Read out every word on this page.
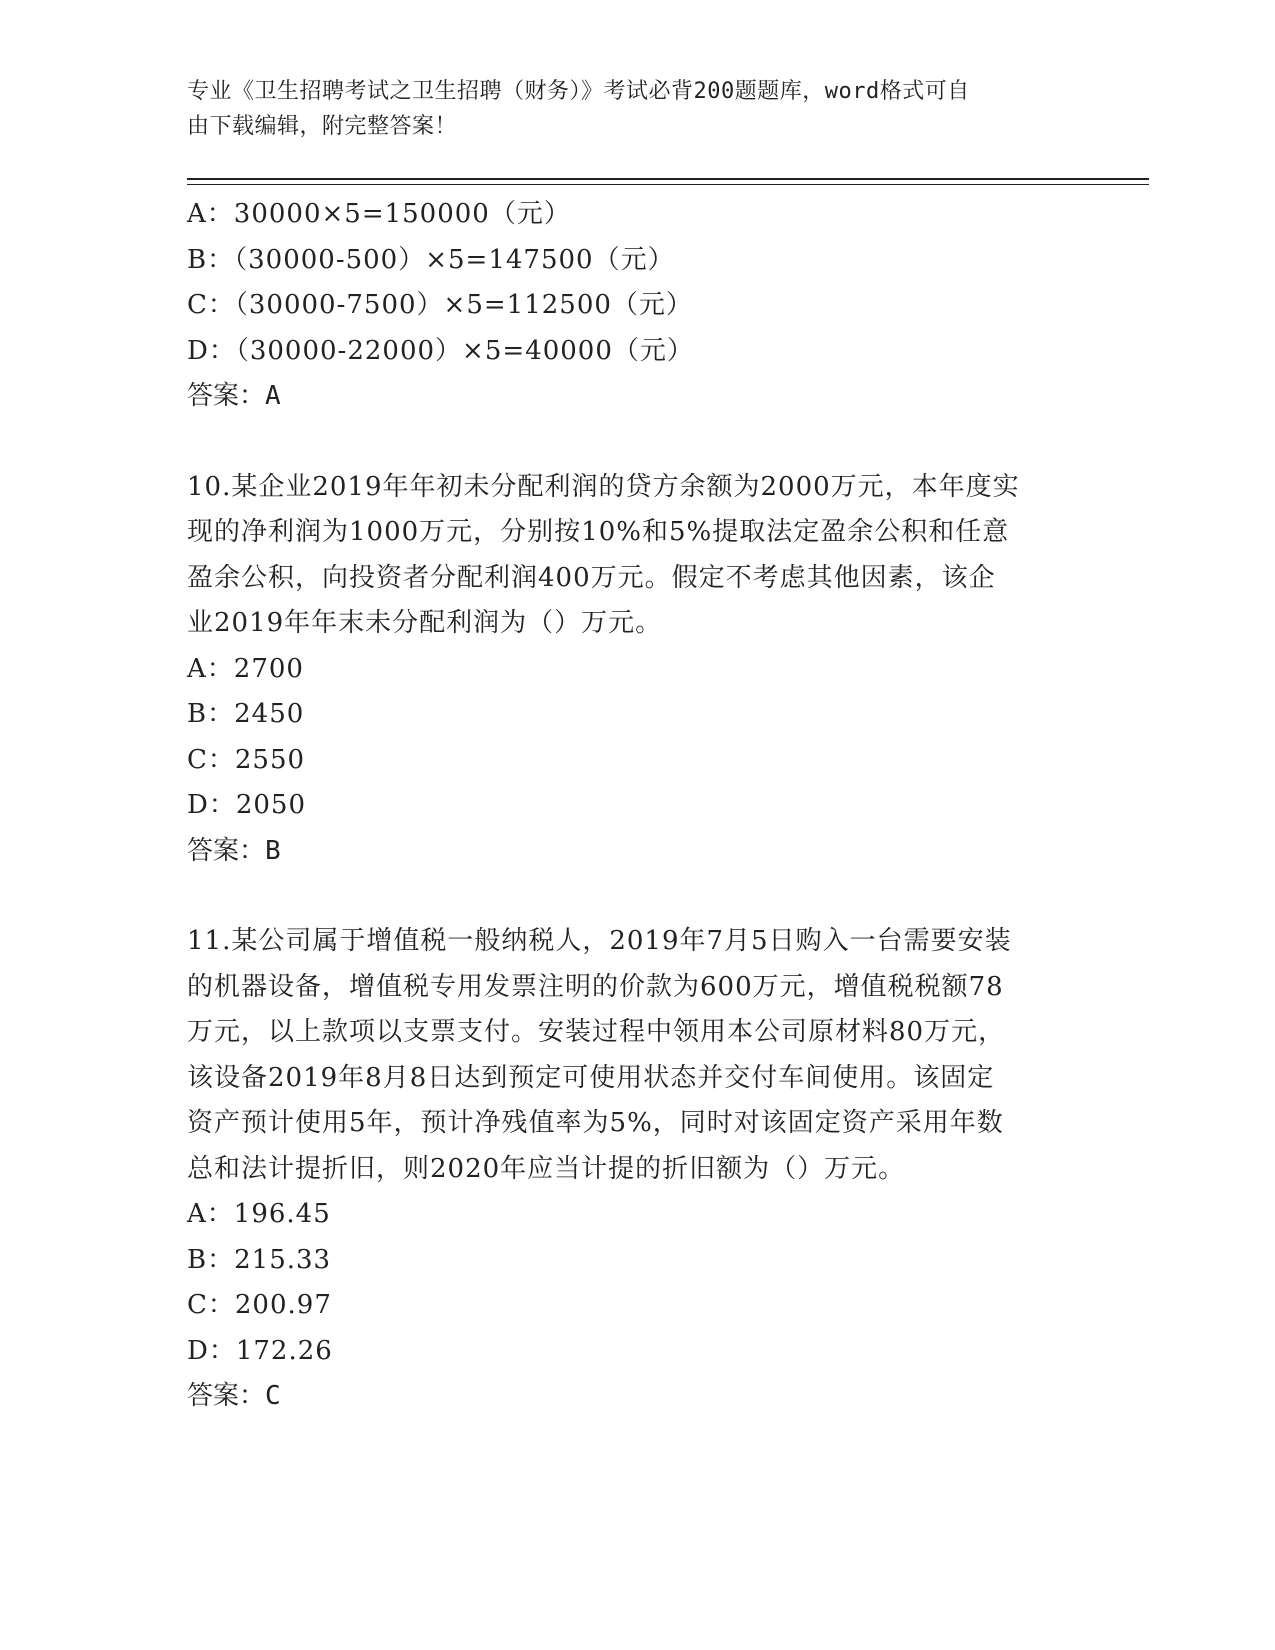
专业《卫生招聘考试之卫生招聘（财务）》考试必背200题题库，word格式可自
由下载编辑，附完整答案！
A：30000×5=150000（元）
B：（30000-500）×5=147500（元）
C：（30000-7500）×5=112500（元）
D：（30000-22000）×5=40000（元）
答案：A
10.某企业2019年年初未分配利润的贷方余额为2000万元，本年度实
现的净利润为1000万元，分别按10%和5%提取法定盈余公积和任意
盈余公积，向投资者分配利润400万元。假定不考虑其他因素，该企
业2019年年末未分配利润为（）万元。
A：2700
B：2450
C：2550
D：2050
答案：B
11.某公司属于增值税一般纳税人，2019年7月5日购入一台需要安装
的机器设备，增值税专用发票注明的价款为600万元，增值税税额78
万元，以上款项以支票支付。安装过程中领用本公司原材料80万元，
该设备2019年8月8日达到预定可使用状态并交付车间使用。该固定
资产预计使用5年，预计净残值率为5%，同时对该固定资产采用年数
总和法计提折旧，则2020年应当计提的折旧额为（）万元。
A：196.45
B：215.33
C：200.97
D：172.26
答案：C
